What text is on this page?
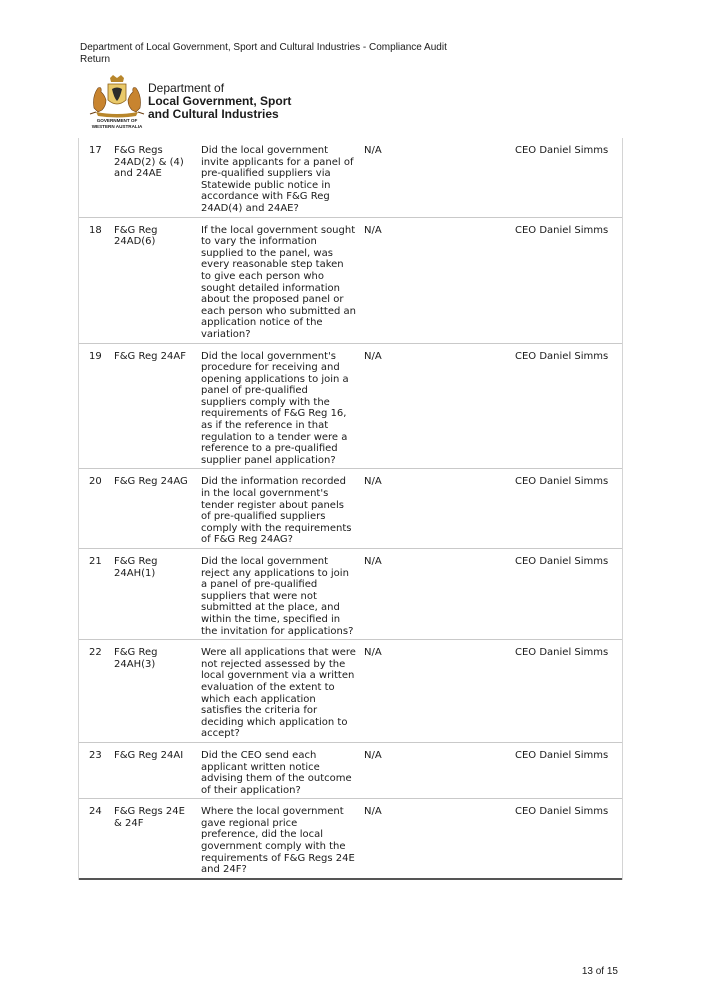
Department of Local Government, Sport and Cultural Industries - Compliance Audit Return
GOVERNMENT OF
WESTERN AUSTRALIA
Department of
Local Government, Sport
and Cultural Industries
17	F&G Regs 24AD(2) & (4) and 24AE	Did the local government invite applicants for a panel of pre-qualified suppliers via Statewide public notice in accordance with F&G Reg 24AD(4) and 24AE?	N/A		CEO Daniel Simms
18	F&G Reg 24AD(6)	If the local government sought to vary the information supplied to the panel, was every reasonable step taken to give each person who sought detailed information about the proposed panel or each person who submitted an application notice of the variation?	N/A		CEO Daniel Simms
19	F&G Reg 24AF	Did the local government's procedure for receiving and opening applications to join a panel of pre-qualified suppliers comply with the requirements of F&G Reg 16, as if the reference in that regulation to a tender were a reference to a pre-qualified supplier panel application?	N/A		CEO Daniel Simms
20	F&G Reg 24AG	Did the information recorded in the local government's tender register about panels of pre-qualified suppliers comply with the requirements of F&G Reg 24AG?	N/A		CEO Daniel Simms
21	F&G Reg 24AH(1)	Did the local government reject any applications to join a panel of pre-qualified suppliers that were not submitted at the place, and within the time, specified in the invitation for applications?	N/A		CEO Daniel Simms
22	F&G Reg 24AH(3)	Were all applications that were not rejected assessed by the local government via a written evaluation of the extent to which each application satisfies the criteria for deciding which application to accept?	N/A		CEO Daniel Simms
23	F&G Reg 24AI	Did the CEO send each applicant written notice advising them of the outcome of their application?	N/A		CEO Daniel Simms
24	F&G Regs 24E & 24F	Where the local government gave regional price preference, did the local government comply with the requirements of F&G Regs 24E and 24F?	N/A		CEO Daniel Simms
13 of 15
